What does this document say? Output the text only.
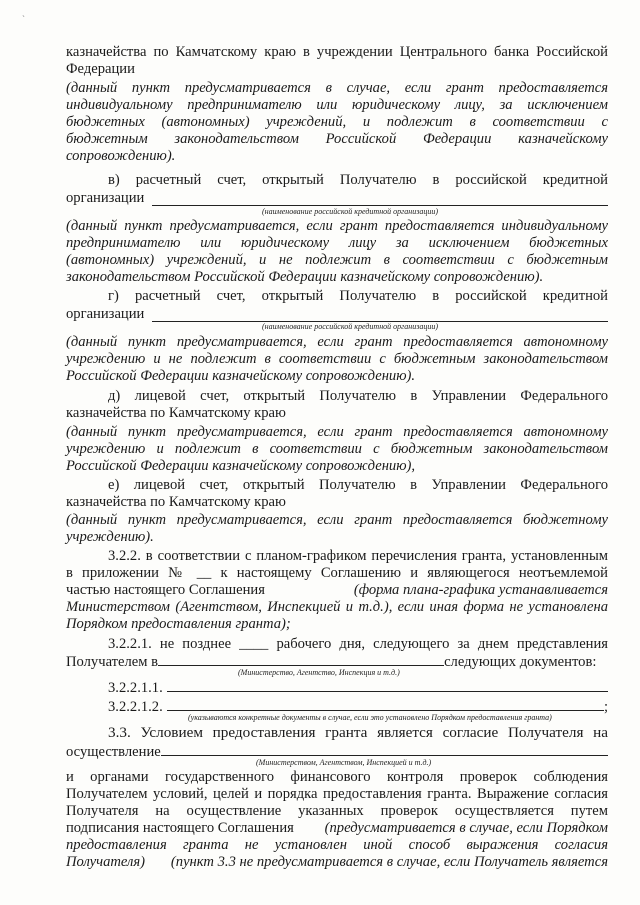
`
казначейства по Камчатскому краю в учреждении Центрального банка Российской
Федерации
(данный пункт предусматривается в случае, если грант предоставляется
индивидуальному предпринимателю или юридическому лицу, за исключением
бюджетных (автономных) учреждений, и подлежит в соответствии с
бюджетным законодательством Российской Федерации казначейскому
сопровождению).
в) расчетный счет, открытый Получателю в российской кредитной
организации
(наименование российской кредитной организации)
(данный пункт предусматривается, если грант предоставляется индивидуальному
предпринимателю или юридическому лицу за исключением бюджетных
(автономных) учреждений, и не подлежит в соответствии с бюджетным
законодательством Российской Федерации казначейскому сопровождению).
г) расчетный счет, открытый Получателю в российской кредитной
организации
(наименование российской кредитной организации)
(данный пункт предусматривается, если грант предоставляется автономному
учреждению и не подлежит в соответствии с бюджетным законодательством
Российской Федерации казначейскому сопровождению).
д) лицевой счет, открытый Получателю в Управлении Федерального
казначейства по Камчатскому краю
(данный пункт предусматривается, если грант предоставляется автономному
учреждению и подлежит в соответствии с бюджетным законодательством
Российской Федерации казначейскому сопровождению),
е) лицевой счет, открытый Получателю в Управлении Федерального
казначейства по Камчатскому краю
(данный пункт предусматривается, если грант предоставляется бюджетному
учреждению).
3.2.2. в соответствии с планом-графиком перечисления гранта, установленным
в приложении № __ к настоящему Соглашению и являющегося неотъемлемой
частью настоящего Соглашения	(форма плана-графика устанавливается
Министерством (Агентством, Инспекцией и т.д.), если иная форма не установлена
Порядком предоставления гранта);
3.2.2.1. не позднее ____ рабочего дня, следующего за днем представления
Получателем в	следующих документов:
(Министерство, Агентство, Инспекция и т.д.)
3.2.2.1.1.
3.2.2.1.2.	;
(указываются конкретные документы в случае, если это установлено Порядком предоставления гранта)
3.3. Условием предоставления гранта является согласие Получателя на
осуществление
(Министерством, Агентством, Инспекцией и т.д.)
и органами государственного финансового контроля проверок соблюдения
Получателем условий, целей и порядка предоставления гранта. Выражение согласия
Получателя на осуществление указанных проверок осуществляется путем
подписания настоящего Соглашения (предусматривается в случае, если Порядком
предоставления гранта не установлен иной способ выражения согласия
Получателя) (пункт 3.3 не предусматривается в случае, если Получатель является
